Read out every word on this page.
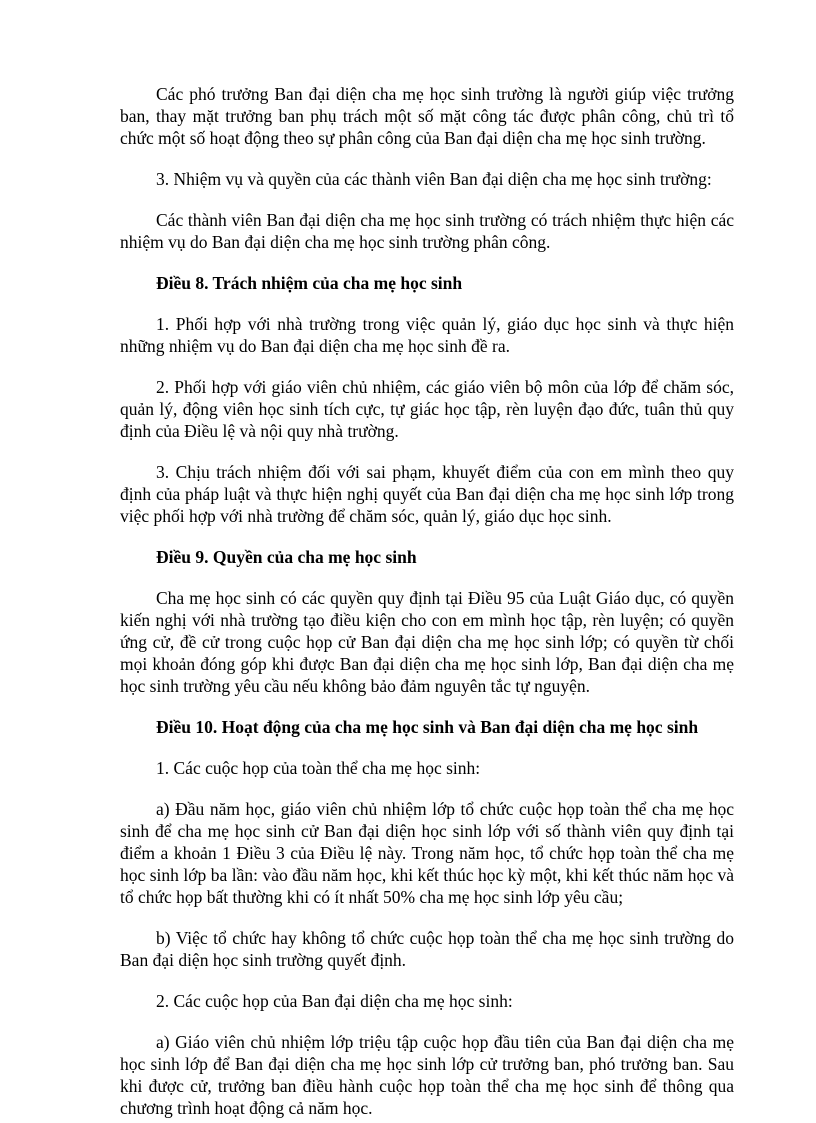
Các phó trưởng Ban đại diện cha mẹ học sinh trường là người giúp việc trưởng ban, thay mặt trưởng ban phụ trách một số mặt công tác được phân công, chủ trì tổ chức một số hoạt động theo sự phân công của Ban đại diện cha mẹ học sinh trường.

3. Nhiệm vụ và quyền của các thành viên Ban đại diện cha mẹ học sinh trường:

Các thành viên Ban đại diện cha mẹ học sinh trường có trách nhiệm thực hiện các nhiệm vụ do Ban đại diện cha mẹ học sinh trường phân công.

Điều 8. Trách nhiệm của cha mẹ học sinh

1. Phối hợp với nhà trường trong việc quản lý, giáo dục học sinh và thực hiện những nhiệm vụ do Ban đại diện cha mẹ học sinh đề ra.

2. Phối hợp với giáo viên chủ nhiệm, các giáo viên bộ môn của lớp để chăm sóc, quản lý, động viên học sinh tích cực, tự giác học tập, rèn luyện đạo đức, tuân thủ quy định của Điều lệ và nội quy nhà trường.

3. Chịu trách nhiệm đối với sai phạm, khuyết điểm của con em mình theo quy định của pháp luật và thực hiện nghị quyết của Ban đại diện cha mẹ học sinh lớp trong việc phối hợp với nhà trường để chăm sóc, quản lý, giáo dục học sinh.

Điều 9. Quyền của cha mẹ học sinh

Cha mẹ học sinh có các quyền quy định tại Điều 95 của Luật Giáo dục, có quyền kiến nghị với nhà trường tạo điều kiện cho con em mình học tập, rèn luyện; có quyền ứng cử, đề cử trong cuộc họp cử Ban đại diện cha mẹ học sinh lớp; có quyền từ chối mọi khoản đóng góp khi được Ban đại diện cha mẹ học sinh lớp, Ban đại diện cha mẹ học sinh trường yêu cầu nếu không bảo đảm nguyên tắc tự nguyện.

Điều 10. Hoạt động của cha mẹ học sinh và Ban đại diện cha mẹ học sinh

1. Các cuộc họp của toàn thể cha mẹ học sinh:

a) Đầu năm học, giáo viên chủ nhiệm lớp tổ chức cuộc họp toàn thể cha mẹ học sinh để cha mẹ học sinh cử Ban đại diện học sinh lớp với số thành viên quy định tại điểm a khoản 1 Điều 3 của Điều lệ này. Trong năm học, tổ chức họp toàn thể cha mẹ học sinh lớp ba lần: vào đầu năm học, khi kết thúc học kỳ một, khi kết thúc năm học và tổ chức họp bất thường khi có ít nhất 50% cha mẹ học sinh lớp yêu cầu;

b) Việc tổ chức hay không tổ chức cuộc họp toàn thể cha mẹ học sinh trường do Ban đại diện học sinh trường quyết định.

2. Các cuộc họp của Ban đại diện cha mẹ học sinh:

a) Giáo viên chủ nhiệm lớp triệu tập cuộc họp đầu tiên của Ban đại diện cha mẹ học sinh lớp để Ban đại diện cha mẹ học sinh lớp cử trưởng ban, phó trưởng ban. Sau khi được cử, trưởng ban điều hành cuộc họp toàn thể cha mẹ học sinh để thông qua chương trình hoạt động cả năm học.
